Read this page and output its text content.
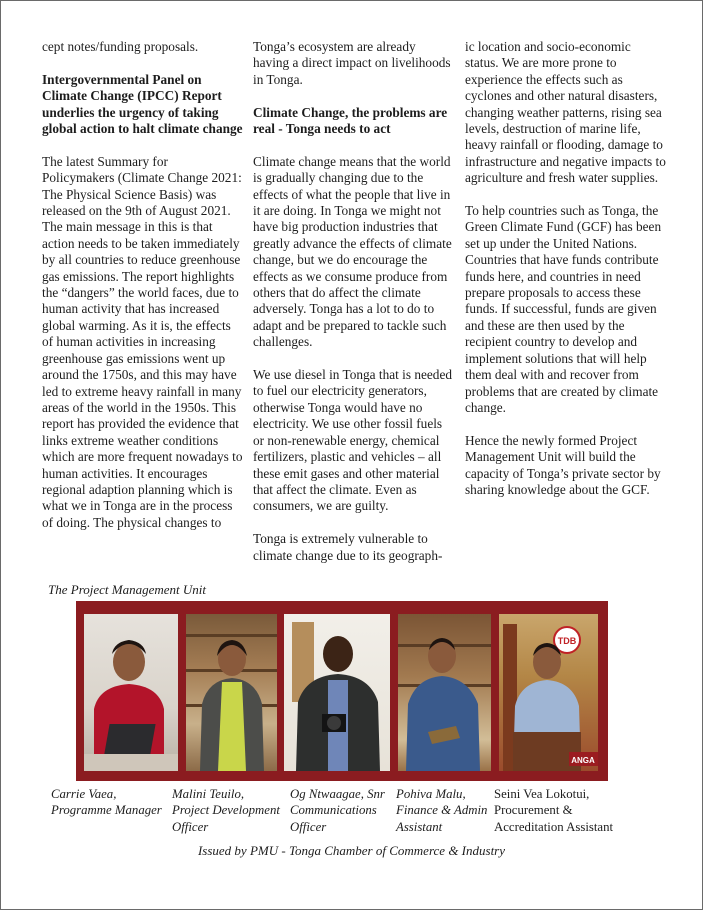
cept notes/funding proposals.

Intergovernmental Panel on Climate Change (IPCC) Report underlies the urgency of taking global action to halt climate change

The latest Summary for Policymakers (Climate Change 2021: The Physical Science Basis) was released on the 9th of August 2021. The main message in this is that action needs to be taken immediately by all countries to reduce greenhouse gas emissions. The report highlights the “dangers” the world faces, due to human activity that has increased global warming. As it is, the effects of human activities in increasing greenhouse gas emissions went up around the 1750s, and this may have led to extreme heavy rainfall in many areas of the world in the 1950s. This report has provided the evidence that links extreme weather conditions which are more frequent nowadays to human activities. It encourages regional adaption planning which is what we in Tonga are in the process of doing. The physical changes to

Tonga’s ecosystem are already having a direct impact on livelihoods in Tonga.

Climate Change, the problems are real - Tonga needs to act

Climate change means that the world is gradually changing due to the effects of what the people that live in it are doing. In Tonga we might not have big production industries that greatly advance the effects of climate change, but we do encourage the effects as we consume produce from others that do affect the climate adversely. Tonga has a lot to do to adapt and be prepared to tackle such challenges.

We use diesel in Tonga that is needed to fuel our electricity generators, otherwise Tonga would have no electricity. We use other fossil fuels or non-renewable energy, chemical fertilizers, plastic and vehicles – all these emit gases and other material that affect the climate. Even as consumers, we are guilty.

Tonga is extremely vulnerable to climate change due to its geograph-

ic location and socio-economic status. We are more prone to experience the effects such as cyclones and other natural disasters, changing weather patterns, rising sea levels, destruction of marine life, heavy rainfall or flooding, damage to infrastructure and negative impacts to agriculture and fresh water supplies.

To help countries such as Tonga, the Green Climate Fund (GCF) has been set up under the United Nations. Countries that have funds contribute funds here, and countries in need prepare proposals to access these funds. If successful, funds are given and these are then used by the recipient country to develop and implement solutions that will help them deal with and recover from problems that are created by climate change.

Hence the newly formed Project Management Unit will build the capacity of Tonga’s private sector by sharing knowledge about the GCF.

The Project Management Unit
TDB
ANGA
Carrie Vaea,
Programme Manager
Malini Teuilo,
Project Development Officer
Og Ntwaagae, Snr
Communications Officer
Pohiva Malu,
Finance & Admin Assistant
Seini Vea Lokotui,
Procurement & Accreditation Assistant
Issued by PMU - Tonga Chamber of Commerce & Industry
